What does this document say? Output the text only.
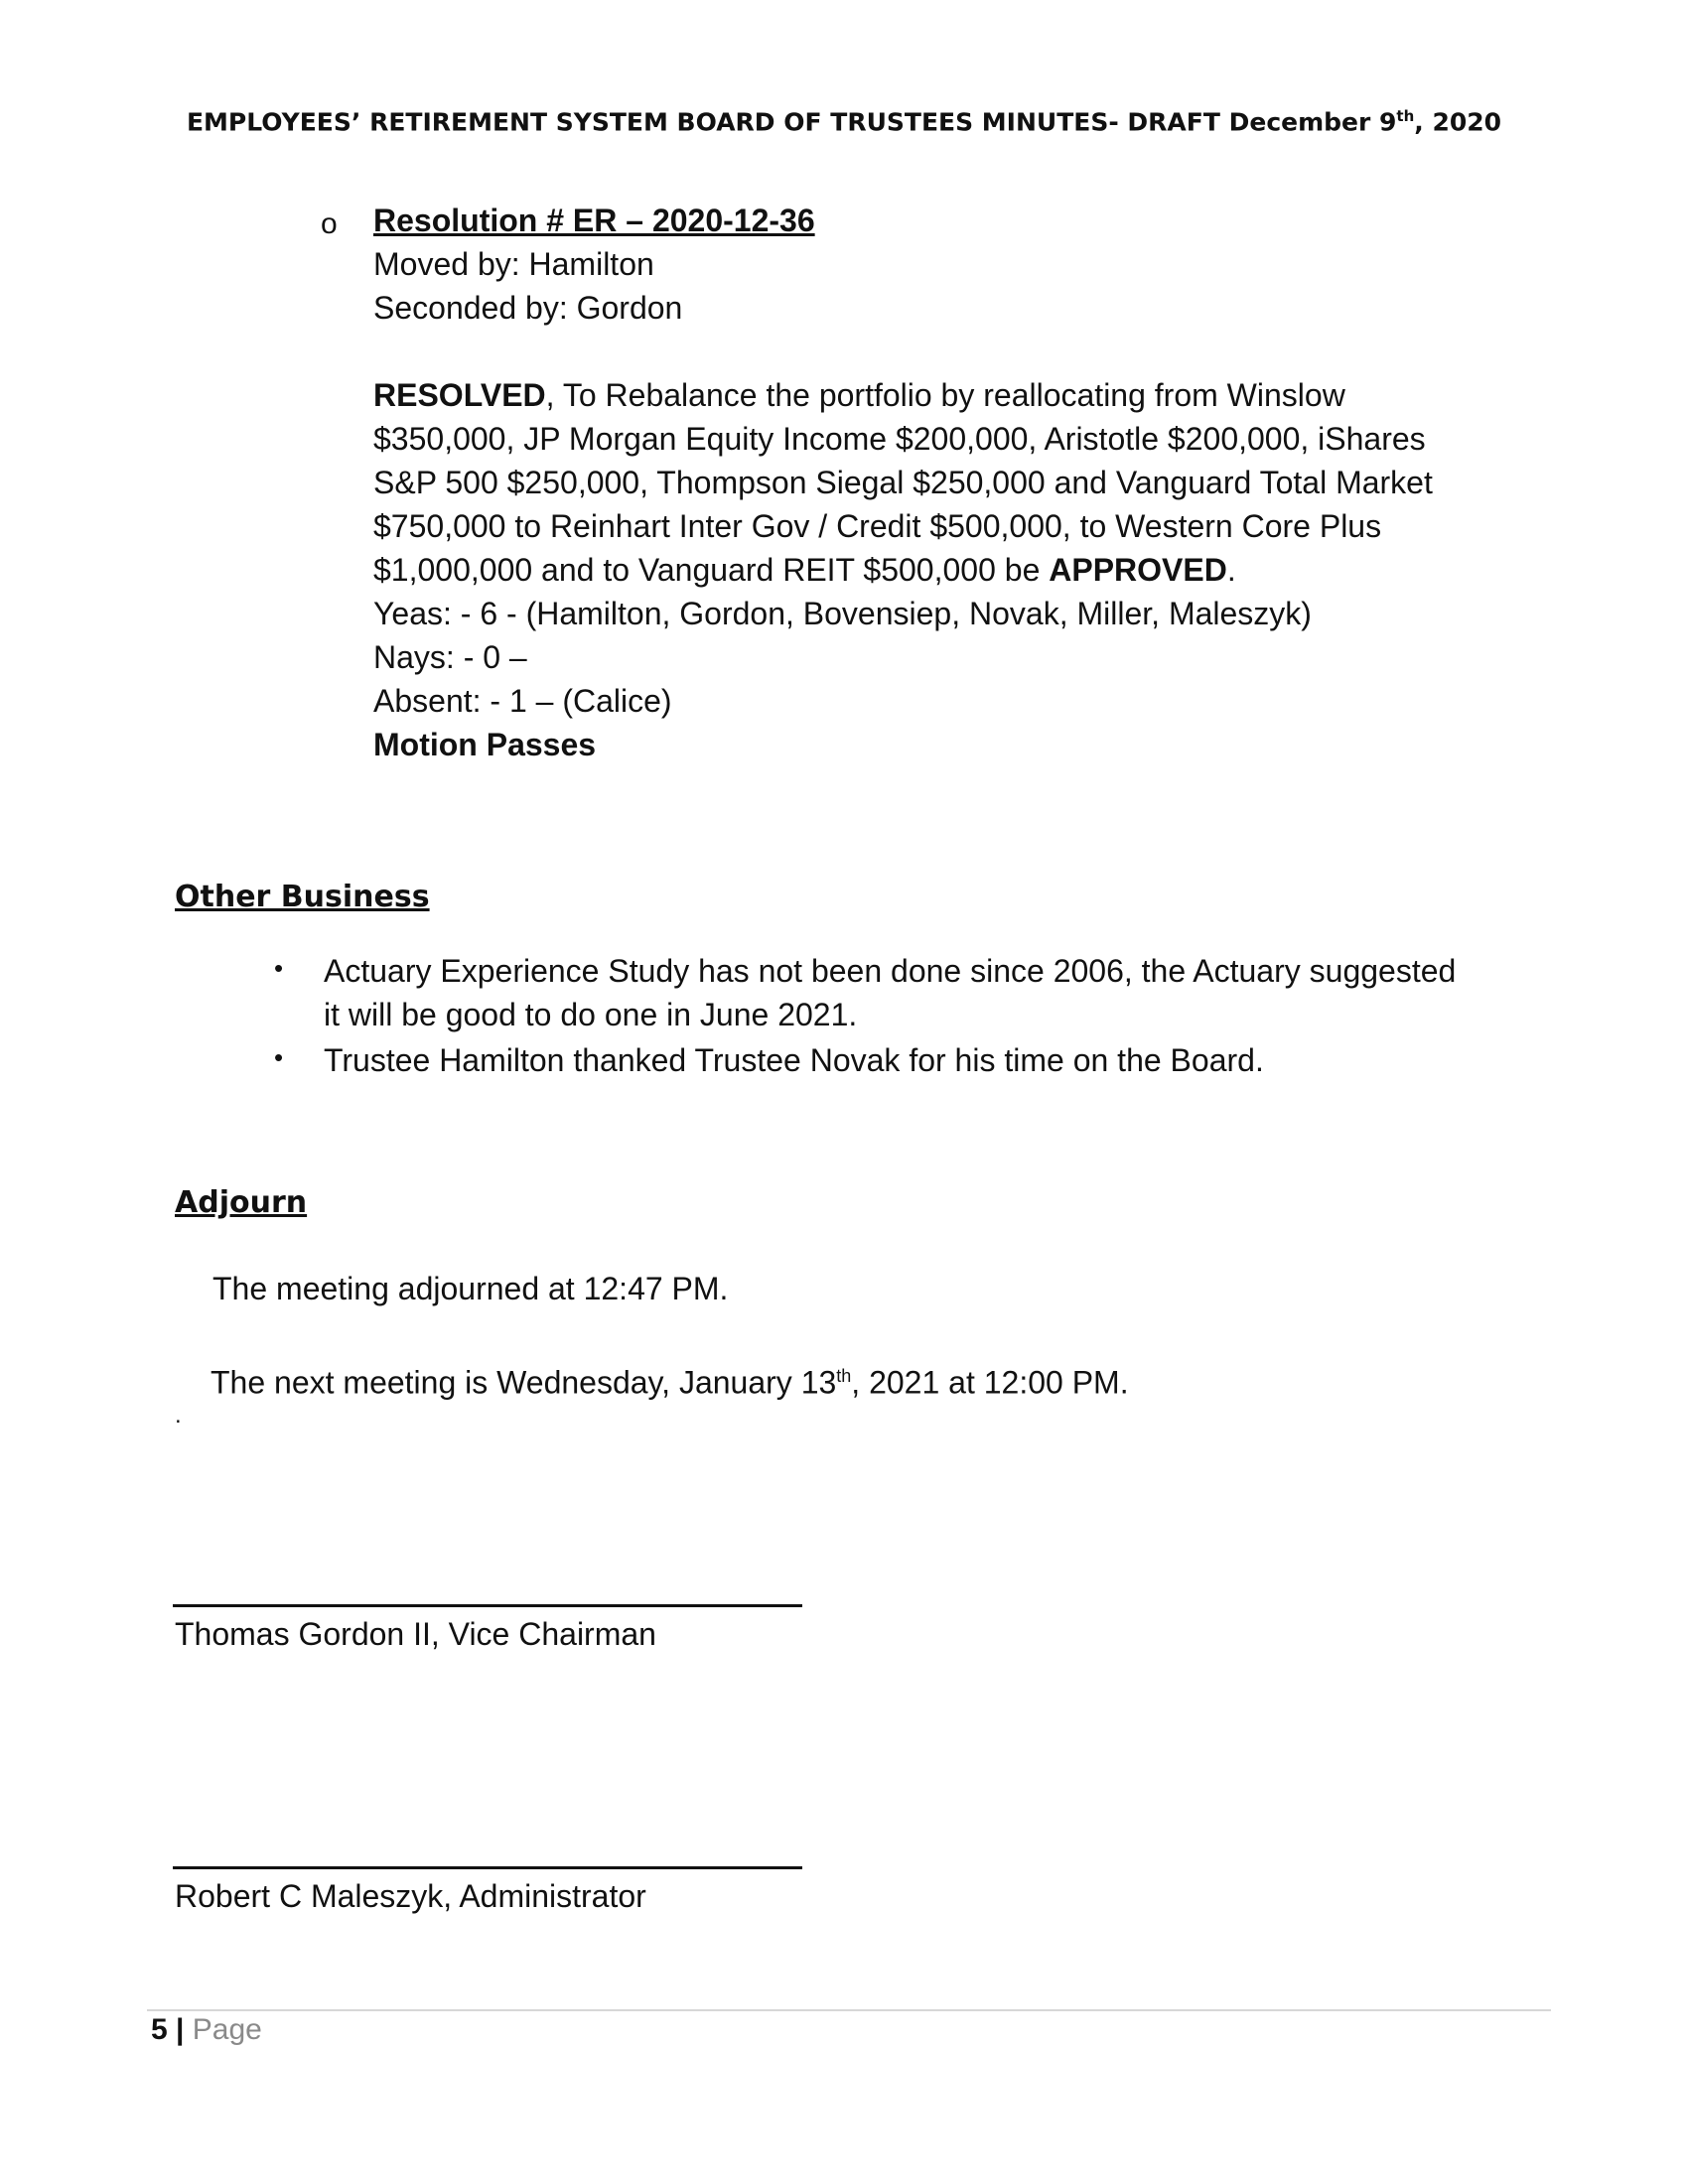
EMPLOYEES’ RETIREMENT SYSTEM BOARD OF TRUSTEES MINUTES- DRAFT December 9th, 2020
o Resolution # ER – 2020-12-36
Moved by: Hamilton
Seconded by: Gordon
RESOLVED, To Rebalance the portfolio by reallocating from Winslow
$350,000, JP Morgan Equity Income $200,000, Aristotle $200,000, iShares
S&P 500 $250,000, Thompson Siegal $250,000 and Vanguard Total Market
$750,000 to Reinhart Inter Gov / Credit $500,000, to Western Core Plus
$1,000,000 and to Vanguard REIT $500,000 be APPROVED.
Yeas: - 6 - (Hamilton, Gordon, Bovensiep, Novak, Miller, Maleszyk)
Nays: - 0 –
Absent: - 1 – (Calice)
Motion Passes
Other Business
• Actuary Experience Study has not been done since 2006, the Actuary suggested
it will be good to do one in June 2021.
• Trustee Hamilton thanked Trustee Novak for his time on the Board.
Adjourn
The meeting adjourned at 12:47 PM.
The next meeting is Wednesday, January 13th, 2021 at 12:00 PM.
.
Thomas Gordon II, Vice Chairman
Robert C Maleszyk, Administrator
5 | Page
